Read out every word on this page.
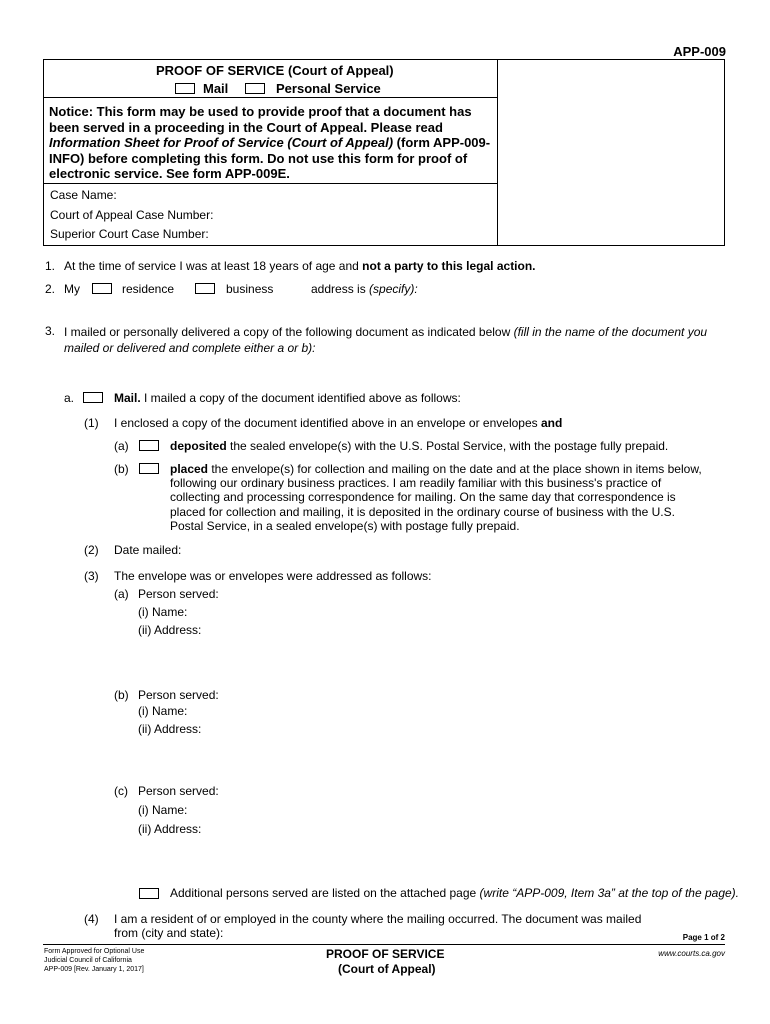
APP-009
PROOF OF SERVICE (Court of Appeal)
Mail	Personal Service
Notice: This form may be used to provide proof that a document has been served in a proceeding in the Court of Appeal. Please read Information Sheet for Proof of Service (Court of Appeal) (form APP-009-INFO) before completing this form. Do not use this form for proof of electronic service. See form APP-009E.
Case Name:
Court of Appeal Case Number:
Superior Court Case Number:
1. At the time of service I was at least 18 years of age and not a party to this legal action.
2. My	residence	business	address is (specify):
3. I mailed or personally delivered a copy of the following document as indicated below (fill in the name of the document you mailed or delivered and complete either a or b):
a.	Mail. I mailed a copy of the document identified above as follows:
(1) I enclosed a copy of the document identified above in an envelope or envelopes and
(a)	deposited the sealed envelope(s) with the U.S. Postal Service, with the postage fully prepaid.
(b)	placed the envelope(s) for collection and mailing on the date and at the place shown in items below, following our ordinary business practices. I am readily familiar with this business's practice of collecting and processing correspondence for mailing. On the same day that correspondence is placed for collection and mailing, it is deposited in the ordinary course of business with the U.S. Postal Service, in a sealed envelope(s) with postage fully prepaid.
(2) Date mailed:
(3) The envelope was or envelopes were addressed as follows:
(a) Person served:
(i) Name:
(ii) Address:
(b) Person served:
(i) Name:
(ii) Address:
(c) Person served:
(i) Name:
(ii) Address:
Additional persons served are listed on the attached page (write “APP-009, Item 3a” at the top of the page).
(4) I am a resident of or employed in the county where the mailing occurred. The document was mailed from (city and state):	Page 1 of 2
Form Approved for Optional Use
Judicial Council of California
APP-009 [Rev. January 1, 2017]
PROOF OF SERVICE
(Court of Appeal)
www.courts.ca.gov
